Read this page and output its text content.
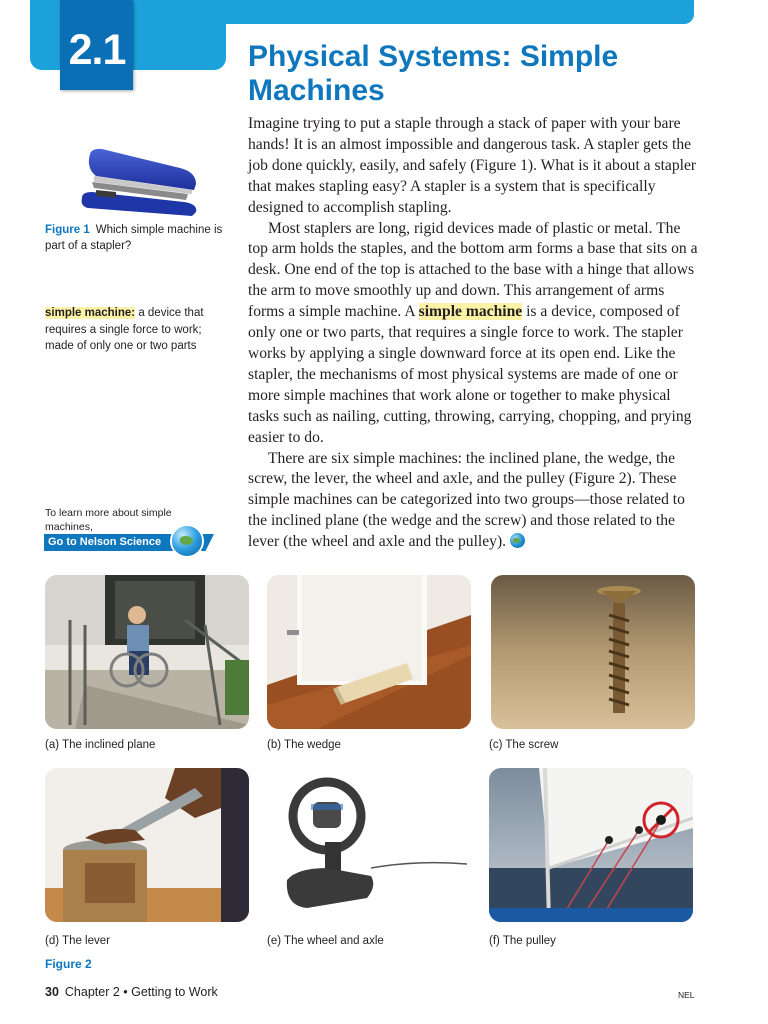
2.1	Physical Systems: Simple Machines

Imagine trying to put a staple through a stack of paper with your bare hands! It is an almost impossible and dangerous task. A stapler gets the job done quickly, easily, and safely (Figure 1). What is it about a stapler that makes stapling easy? A stapler is a system that is specifically designed to accomplish stapling.

Most staplers are long, rigid devices made of plastic or metal. The top arm holds the staples, and the bottom arm forms a base that sits on a desk. One end of the top is attached to the base with a hinge that allows the arm to move smoothly up and down. This arrangement of arms forms a simple machine. A simple machine is a device, composed of only one or two parts, that requires a single force to work. The stapler works by applying a single downward force at its open end. Like the stapler, the mechanisms of most physical systems are made of one or more simple machines that work alone or together to make physical tasks such as nailing, cutting, throwing, carrying, chopping, and prying easier to do.

There are six simple machines: the inclined plane, the wedge, the screw, the lever, the wheel and axle, and the pulley (Figure 2). These simple machines can be categorized into two groups—those related to the inclined plane (the wedge and the screw) and those related to the lever (the wheel and axle and the pulley).

Figure 1 Which simple machine is part of a stapler?
simple machine: a device that requires a single force to work; made of only one or two parts
To learn more about simple machines,
Go to Nelson Science

(a) The inclined plane	(b) The wedge	(c) The screw

(d) The lever	(e) The wheel and axle	(f) The pulley

Figure 2
30 Chapter 2 • Getting to Work	NEL
